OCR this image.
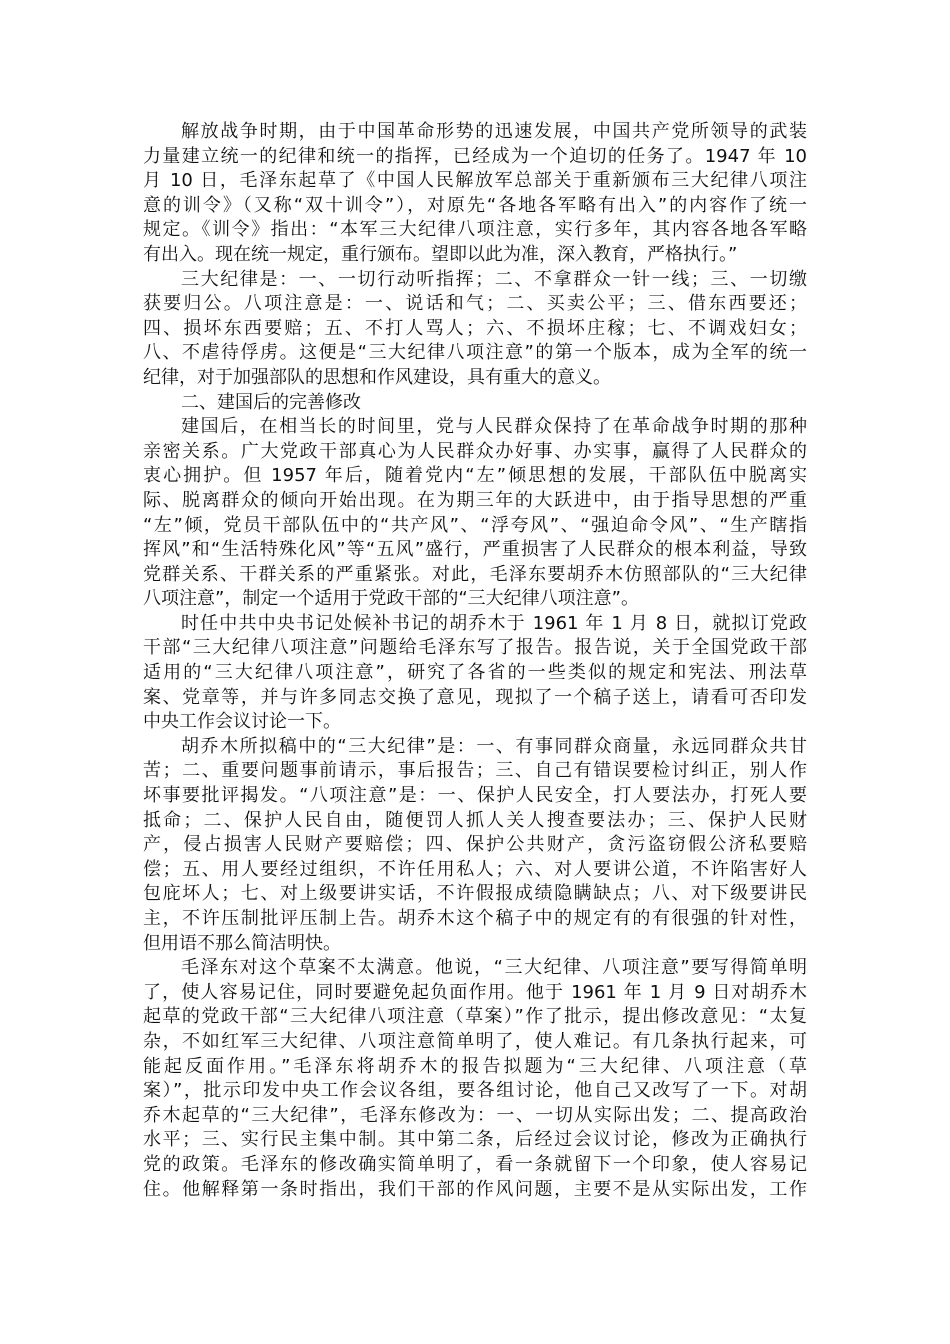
解放战争时期，由于中国革命形势的迅速发展，中国共产党所领导的武装
力量建立统一的纪律和统一的指挥，已经成为一个迫切的任务了。1947 年 10
月 10 日，毛泽东起草了《中国人民解放军总部关于重新颁布三大纪律八项注
意的训令》（又称“双十训令”），对原先“各地各军略有出入”的内容作了统一
规定。《训令》指出：“本军三大纪律八项注意，实行多年，其内容各地各军略
有出入。现在统一规定，重行颁布。望即以此为准，深入教育，严格执行。”
三大纪律是：一、一切行动听指挥；二、不拿群众一针一线；三、一切缴
获要归公。八项注意是：一、说话和气；二、买卖公平；三、借东西要还；
四、损坏东西要赔；五、不打人骂人；六、不损坏庄稼；七、不调戏妇女；
八、不虐待俘虏。这便是“三大纪律八项注意”的第一个版本，成为全军的统一
纪律，对于加强部队的思想和作风建设，具有重大的意义。
二、建国后的完善修改
建国后，在相当长的时间里，党与人民群众保持了在革命战争时期的那种
亲密关系。广大党政干部真心为人民群众办好事、办实事，赢得了人民群众的
衷心拥护。但 1957 年后，随着党内“左”倾思想的发展，干部队伍中脱离实
际、脱离群众的倾向开始出现。在为期三年的大跃进中，由于指导思想的严重
“左”倾，党员干部队伍中的“共产风”、“浮夸风”、“强迫命令风”、“生产瞎指
挥风”和“生活特殊化风”等“五风”盛行，严重损害了人民群众的根本利益，导致
党群关系、干群关系的严重紧张。对此，毛泽东要胡乔木仿照部队的“三大纪律
八项注意”，制定一个适用于党政干部的“三大纪律八项注意”。
时任中共中央书记处候补书记的胡乔木于 1961 年 1 月 8 日，就拟订党政
干部“三大纪律八项注意”问题给毛泽东写了报告。报告说，关于全国党政干部
适用的“三大纪律八项注意”，研究了各省的一些类似的规定和宪法、刑法草
案、党章等，并与许多同志交换了意见，现拟了一个稿子送上，请看可否印发
中央工作会议讨论一下。
胡乔木所拟稿中的“三大纪律”是：一、有事同群众商量，永远同群众共甘
苦；二、重要问题事前请示，事后报告；三、自己有错误要检讨纠正，别人作
坏事要批评揭发。“八项注意”是：一、保护人民安全，打人要法办，打死人要
抵命；二、保护人民自由，随便罚人抓人关人搜查要法办；三、保护人民财
产，侵占损害人民财产要赔偿；四、保护公共财产，贪污盗窃假公济私要赔
偿；五、用人要经过组织，不许任用私人；六、对人要讲公道，不许陷害好人
包庇坏人；七、对上级要讲实话，不许假报成绩隐瞒缺点；八、对下级要讲民
主，不许压制批评压制上告。胡乔木这个稿子中的规定有的有很强的针对性，
但用语不那么简洁明快。
毛泽东对这个草案不太满意。他说，“三大纪律、八项注意”要写得简单明
了，使人容易记住，同时要避免起负面作用。他于 1961 年 1 月 9 日对胡乔木
起草的党政干部“三大纪律八项注意（草案）”作了批示，提出修改意见：“太复
杂，不如红军三大纪律、八项注意简单明了，使人难记。有几条执行起来，可
能起反面作用。”毛泽东将胡乔木的报告拟题为“三大纪律、八项注意（草
案）”，批示印发中央工作会议各组，要各组讨论，他自己又改写了一下。对胡
乔木起草的“三大纪律”，毛泽东修改为：一、一切从实际出发；二、提高政治
水平；三、实行民主集中制。其中第二条，后经过会议讨论，修改为正确执行
党的政策。毛泽东的修改确实简单明了，看一条就留下一个印象，使人容易记
住。他解释第一条时指出，我们干部的作风问题，主要不是从实际出发，工作
